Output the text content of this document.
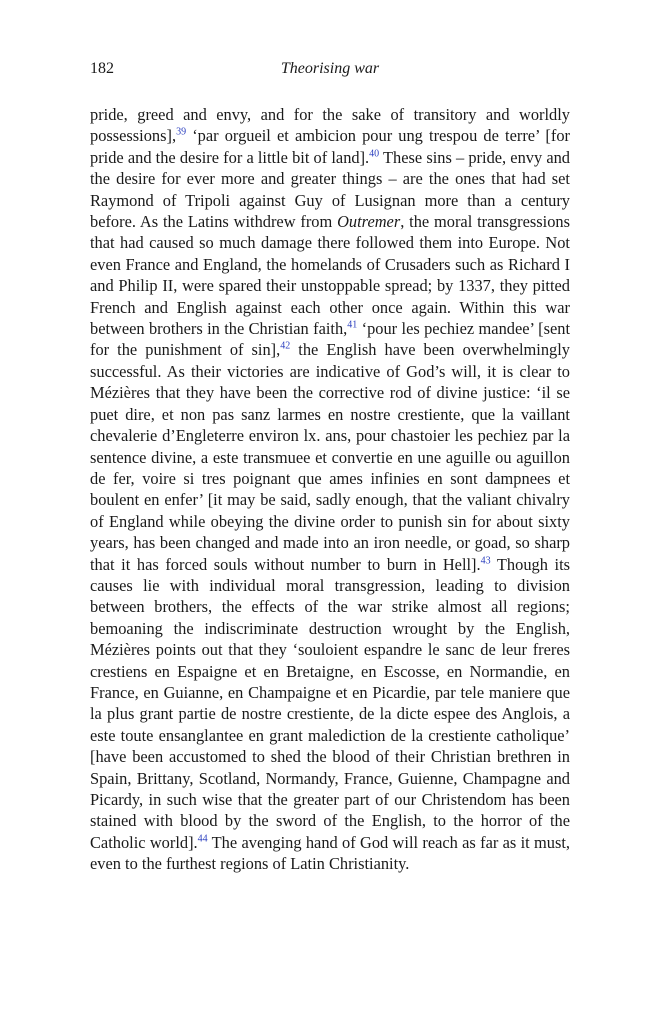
182	Theorising war

pride, greed and envy, and for the sake of transitory and worldly possessions],$^{39}$ ‘par orgueil et ambicion pour ung trespou de terre’ [for pride and the desire for a little bit of land].$^{40}$ These sins – pride, envy and the desire for ever more and greater things – are the ones that had set Raymond of Tripoli against Guy of Lusignan more than a century before. As the Latins withdrew from Outremer, the moral transgressions that had caused so much damage there followed them into Europe. Not even France and England, the homelands of Crusaders such as Richard I and Philip II, were spared their unstoppable spread; by 1337, they pitted French and English against each other once again. Within this war between brothers in the Christian faith,$^{41}$ ‘pour les pechiez mandee’ [sent for the punishment of sin],$^{42}$ the English have been overwhelmingly successful. As their victories are indicative of God’s will, it is clear to Mézières that they have been the corrective rod of divine justice: ‘il se puet dire, et non pas sanz larmes en nostre crestiente, que la vaillant chevalerie d’Engleterre environ lx. ans, pour chastoier les pechiez par la sentence divine, a este transmuee et convertie en une aguille ou aguillon de fer, voire si tres poignant que ames infinies en sont dampnees et boulent en enfer’ [it may be said, sadly enough, that the valiant chivalry of England while obeying the divine order to punish sin for about sixty years, has been changed and made into an iron needle, or goad, so sharp that it has forced souls without number to burn in Hell].$^{43}$ Though its causes lie with individual moral transgression, leading to division between brothers, the effects of the war strike almost all regions; bemoaning the indiscriminate destruction wrought by the English, Mézières points out that they ‘souloient espandre le sanc de leur freres crestiens en Espaigne et en Bretaigne, en Escosse, en Normandie, en France, en Guianne, en Champaigne et en Picardie, par tele maniere que la plus grant partie de nostre crestiente, de la dicte espee des Anglois, a este toute ensanglantee en grant malediction de la crestiente catholique’ [have been accustomed to shed the blood of their Christian brethren in Spain, Brittany, Scotland, Normandy, France, Guienne, Champagne and Picardy, in such wise that the greater part of our Christendom has been stained with blood by the sword of the English, to the horror of the Catholic world].$^{44}$ The avenging hand of God will reach as far as it must, even to the furthest regions of Latin Christianity.
